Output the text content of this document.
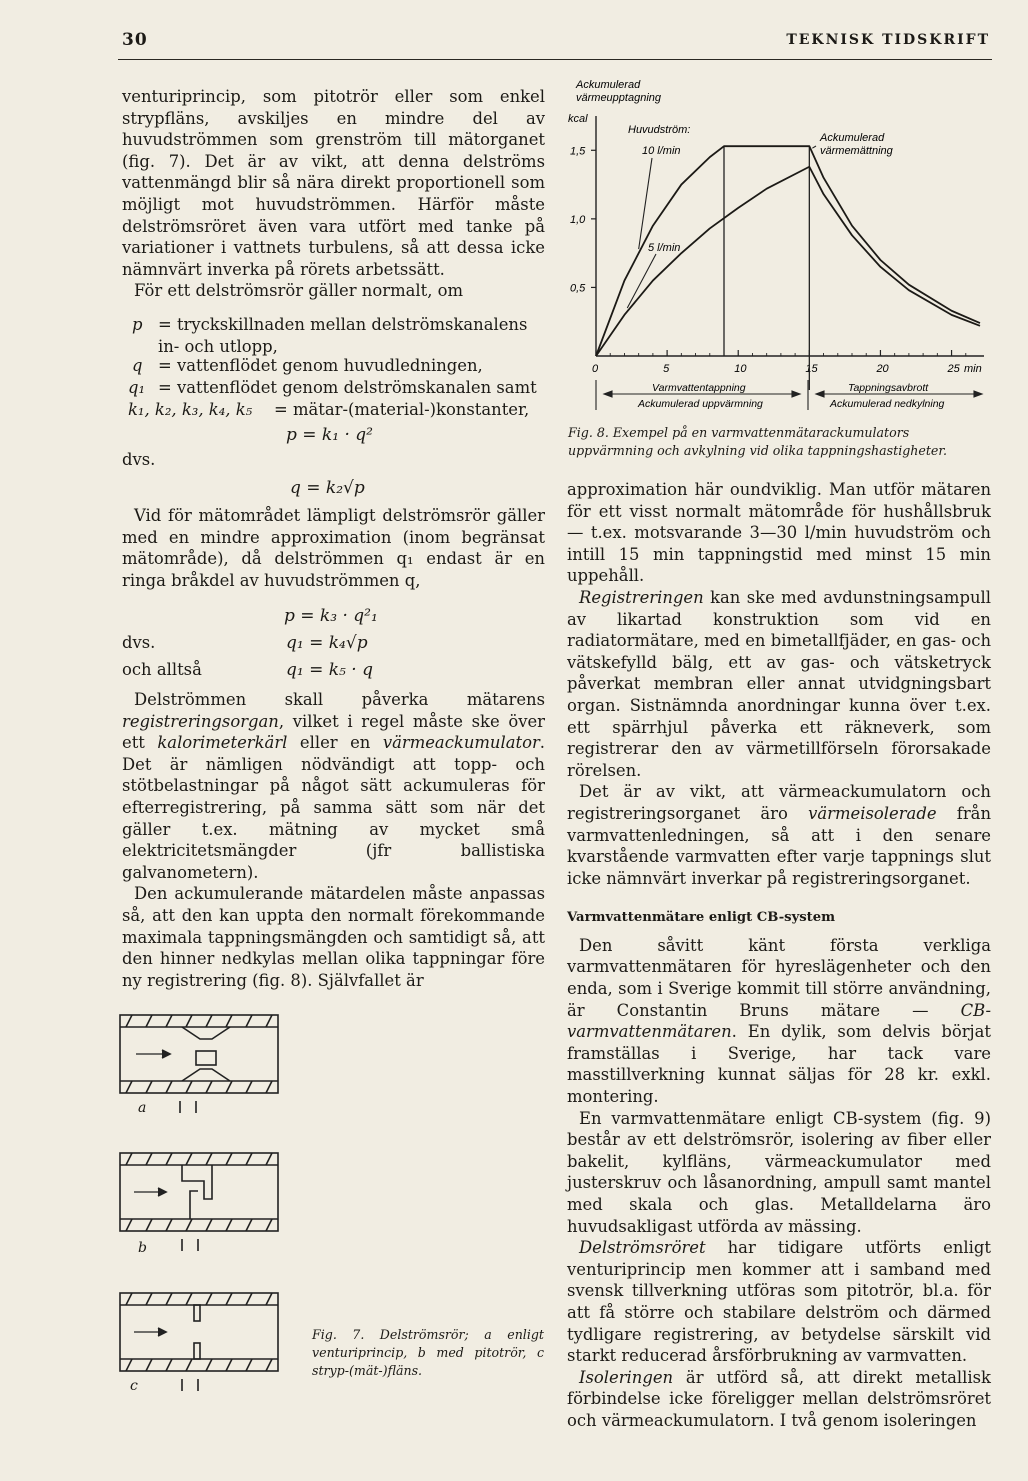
30	TEKNISK TIDSKRIFT

venturiprincip, som pitotrör eller som enkel strypfläns, avskiljes en mindre del av huvudströmmen som grenström till mätorganet (fig. 7). Det är av vikt, att denna delströms vattenmängd blir så nära direkt proportionell som möjligt mot huvudströmmen. Härför måste delströmsröret även vara utfört med tanke på variationer i vattnets turbulens, så att dessa icke nämnvärt inverka på rörets arbetssätt.

För ett delströmsrör gäller normalt, om

p = tryckskillnaden mellan delströmskanalens
in- och utlopp,
q = vattenflödet genom huvudledningen,
q₁ = vattenflödet genom delströmskanalen samt
k₁, k₂, k₃, k₄, k₅ = mätar-(material-)konstanter,
p = k₁ · q²
dvs.
q = k₂√p

Vid för mätområdet lämpligt delströmsrör gäller med en mindre approximation (inom begränsat mätområde), då delströmmen q₁ endast är en ringa bråkdel av huvudströmmen q,

p = k₃ · q²₁
dvs.	q₁ = k₄√p
och alltså	q₁ = k₅ · q

Delströmmen skall påverka mätarens registreringsorgan, vilket i regel måste ske över ett kalorimeterkärl eller en värmeackumulator. Det är nämligen nödvändigt att topp- och stötbelastningar på något sätt ackumuleras för efterregistrering, på samma sätt som när det gäller t.ex. mätning av mycket små elektricitetsmängder (jfr ballistiska galvanometern).

Den ackumulerande mätardelen måste anpassas så, att den kan uppta den normalt förekommande maximala tappningsmängden och samtidigt så, att den hinner nedkylas mellan olika tappningar före ny registrering (fig. 8). Självfallet är

a
b
c
Fig. 7. Delströmsrör; a enligt venturiprincip, b med pitotrör, c stryp-(mät-)fläns.
Ackumulerad
värmeupptagning
kcal
Huvudström:
10 l/min
5 l/min
Ackumulerad
värmemättning
min
Varmvattentappning
Ackumulerad uppvärmning
Tappningsavbrott
Ackumulerad nedkylning
0	5	10	15	20	25
0,5
1,0
1,5
Fig. 8. Exempel på en varmvattenmätarackumulators uppvärmning och avkylning vid olika tappningshastigheter.

approximation här oundviklig. Man utför mätaren för ett visst normalt mätområde för hushållsbruk — t.ex. motsvarande 3—30 l/min huvudström och intill 15 min tappningstid med minst 15 min uppehåll.

Registreringen kan ske med avdunstningsampull av likartad konstruktion som vid en radiatormätare, med en bimetallfjäder, en gas- och vätskefylld bälg, ett av gas- och vätsketryck påverkat membran eller annat utvidgningsbart organ. Sistnämnda anordningar kunna över t.ex. ett spärrhjul påverka ett räkneverk, som registrerar den av värmetillförseln förorsakade rörelsen.

Det är av vikt, att värmeackumulatorn och registreringsorganet äro värmeisolerade från varmvattenledningen, så att i den senare kvarstående varmvatten efter varje tappnings slut icke nämnvärt inverkar på registreringsorganet.

Varmvattenmätare enligt CB-system

Den såvitt känt första verkliga varmvattenmätaren för hyreslägenheter och den enda, som i Sverige kommit till större användning, är Constantin Bruns mätare — CB-varmvattenmätaren. En dylik, som delvis börjat framställas i Sverige, har tack vare masstillverkning kunnat säljas för 28 kr. exkl. montering.

En varmvattenmätare enligt CB-system (fig. 9) består av ett delströmsrör, isolering av fiber eller bakelit, kylfläns, värmeackumulator med justerskruv och låsanordning, ampull samt mantel med skala och glas. Metalldelarna äro huvudsakligast utförda av mässing.

Delströmsröret har tidigare utförts enligt venturiprincip men kommer att i samband med svensk tillverkning utföras som pitotrör, bl.a. för att få större och stabilare delström och därmed tydligare registrering, av betydelse särskilt vid starkt reducerad årsförbrukning av varmvatten.

Isoleringen är utförd så, att direkt metallisk förbindelse icke föreligger mellan delströmsröret och värmeackumulatorn. I två genom isoleringen
